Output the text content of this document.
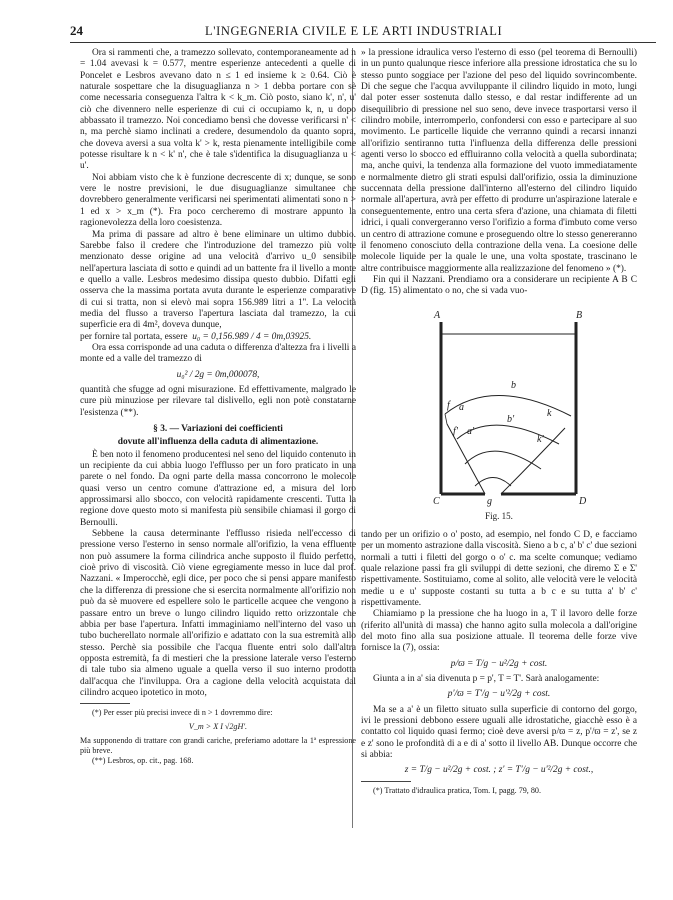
24	L'INGEGNERIA CIVILE E LE ARTI INDUSTRIALI

Ora si rammenti che, a tramezzo sollevato, contemporaneamente ad n = 1.04 avevasi k = 0.577, mentre esperienze antecedenti a quelle di Poncelet e Lesbros avevano dato n ≤ 1 ed insieme k ≥ 0.64. Ciò è naturale sospettare che la disuguaglianza n > 1 debba portare con sè come necessaria conseguenza l'altra k < k_m. Ciò posto, siano k', n', u' ciò che divennero nelle esperienze di cui ci occupiamo k, n, u dopo abbassato il tramezzo. Noi concediamo bensì che dovesse verificarsi n' < n, ma perchè siamo inclinati a credere, desumendolo da quanto sopra, che doveva aversi a sua volta k' > k, resta pienamente intelligibile come potesse risultare k n < k' n', che è tale s'identifica la disuguaglianza u < u'.

Noi abbiam visto che k è funzione decrescente di x; dunque, se sono vere le nostre previsioni, le due disuguaglianze simultanee che dovrebbero generalmente verificarsi nei sperimentati alimentati sono n > 1 ed x > x_m (*). Fra poco cercheremo di mostrare appunto la ragionevolezza della loro coesistenza.

Ma prima di passare ad altro è bene eliminare un ultimo dubbio. Sarebbe falso il credere che l'introduzione del tramezzo più volte menzionato desse origine ad una velocità d'arrivo u_0 sensibile nell'apertura lasciata di sotto e quindi ad un battente fra il livello a monte e quello a valle. Lesbros medesimo dissipa questo dubbio. Difatti egli osserva che la massima portata avuta durante le esperienze comparative di cui si tratta, non si elevò mai sopra 156.989 litri a 1''. La velocità media del flusso a traverso l'apertura lasciata dal tramezzo, la cui superficie era di 4m², doveva dunque,

per fornire tal portata, essere u₀ = 0,156.989 / 4 = 0m,03925.

Ora essa corrisponde ad una caduta o differenza d'altezza fra i livelli a monte ed a valle del tramezzo di

u₀² / 2g = 0m,000078,

quantità che sfugge ad ogni misurazione. Ed effettivamente, malgrado le cure più minuziose per rilevare tal dislivello, egli non potè constatarne l'esistenza (**).

§ 3. — Variazioni dei coefficienti
dovute all'influenza della caduta di alimentazione.

È ben noto il fenomeno producentesi nel seno del liquido contenuto in un recipiente da cui abbia luogo l'efflusso per un foro praticato in una parete o nel fondo. Da ogni parte della massa concorrono le molecole quasi verso un centro comune d'attrazione ed, a misura del loro approssimarsi allo sbocco, con velocità rapidamente crescenti. Tutta la regione dove questo moto si manifesta più sensibile chiamasi il gorgo di Bernoulli.

Sebbene la causa determinante l'efflusso risieda nell'eccesso di pressione verso l'esterno in senso normale all'orifizio, la vena effluente non può assumere la forma cilindrica anche supposto il fluido perfetto, cioè privo di viscosità. Ciò viene egregiamente messo in luce dal prof. Nazzani. « Imperocchè, egli dice, per poco che si pensi appare manifesto che la differenza di pressione che si esercita normalmente all'orifizio non può da sè muovere ed espellere solo le particelle acquee che vengono a passare entro un breve o lungo cilindro liquido retto orizzontale che abbia per base l'apertura. Infatti immaginiamo nell'interno del vaso un tubo bucherellato normale all'orifizio e adattato con la sua estremità allo stesso. Perchè sia possibile che l'acqua fluente entri solo dall'altra opposta estremità, fa di mestieri che la pressione laterale verso l'esterno di tale tubo sia almeno uguale a quella verso il suo interno prodotta dall'acqua che l'inviluppa. Ora a cagione della velocità acquistata dal cilindro acqueo ipotetico in moto,

(*) Per esser più precisi invece di n > 1 dovremmo dire:

V_m > X I √2gH'.

Ma supponendo di trattare con grandi cariche, preferiamo adottare la 1ª espressione più breve.

(**) Lesbros, op. cit., pag. 168.

» la pressione idraulica verso l'esterno di esso (pel teorema di Bernoulli) in un punto qualunque riesce inferiore alla pressione idrostatica che su lo stesso punto soggiace per l'azione del peso del liquido sovrincombente. Di che segue che l'acqua avviluppante il cilindro liquido in moto, lungi dal poter esser sostenuta dallo stesso, e dal restar indifferente ad un disequilibrio di pressione nel suo seno, deve invece trasportarsi verso il cilindro mobile, interromperlo, confondersi con esso e partecipare al suo movimento. Le particelle liquide che verranno quindi a recarsi innanzi all'orifizio sentiranno tutta l'influenza della differenza delle pressioni agenti verso lo sbocco ed effluiranno colla velocità a quella subordinata; ma, anche quivi, la tendenza alla formazione del vuoto immediatamente e normalmente dietro gli strati espulsi dall'orifizio, ossia la diminuzione succennata della pressione dall'interno all'esterno del cilindro liquido normale all'apertura, avrà per effetto di produrre un'aspirazione laterale e conseguentemente, entro una certa sfera d'azione, una chiamata di filetti idrici, i quali convergeranno verso l'orifizio a forma d'imbuto come verso un centro di attrazione comune e proseguendo oltre lo stesso genereranno il fenomeno conosciuto della contrazione della vena. La coesione delle molecole liquide per la quale le une, una volta spostate, trascinano le altre contribuisce maggiormente alla realizzazione del fenomeno » (*).

Fin qui il Nazzani. Prendiamo ora a considerare un recipiente A B C D (fig. 15) alimentato o no, che si vada vuo-

A	B
C	D
g
a
b
f
a'
b'
f'
k
k'
Fig. 15.

tando per un orifizio o o' posto, ad esempio, nel fondo C D, e facciamo per un momento astrazione dalla viscosità. Sieno a b c, a' b' c' due sezioni normali a tutti i filetti del gorgo o o' c. ma scelte comunque; vediamo quale relazione passi fra gli sviluppi di dette sezioni, che diremo Σ e Σ' rispettivamente. Sostituiamo, come al solito, alle velocità vere le velocità medie u e u' supposte costanti su tutta a b c e su tutta a' b' c' rispettivamente.

Chiamiamo p la pressione che ha luogo in a, T il lavoro delle forze (riferito all'unità di massa) che hanno agito sulla molecola a dall'origine del moto fino alla sua posizione attuale. Il teorema delle forze vive fornisce la (7), ossia:

p/ϖ = T/g − u²/2g + cost.

Giunta a in a' sia divenuta p = p', T = T'. Sarà analogamente:

p'/ϖ = T'/g − u'²/2g + cost.

Ma se a a' è un filetto situato sulla superficie di contorno del gorgo, ivi le pressioni debbono essere uguali alle idrostatiche, giacchè esso è a contatto col liquido quasi fermo; cioè deve aversi p/ϖ = z, p'/ϖ = z', se z e z' sono le profondità di a e di a' sotto il livello AB. Dunque occorre che si abbia:

z = T/g − u²/2g + cost. ; z' = T'/g − u'²/2g + cost.,

(*) Trattato d'idraulica pratica, Tom. I, pagg. 79, 80.
